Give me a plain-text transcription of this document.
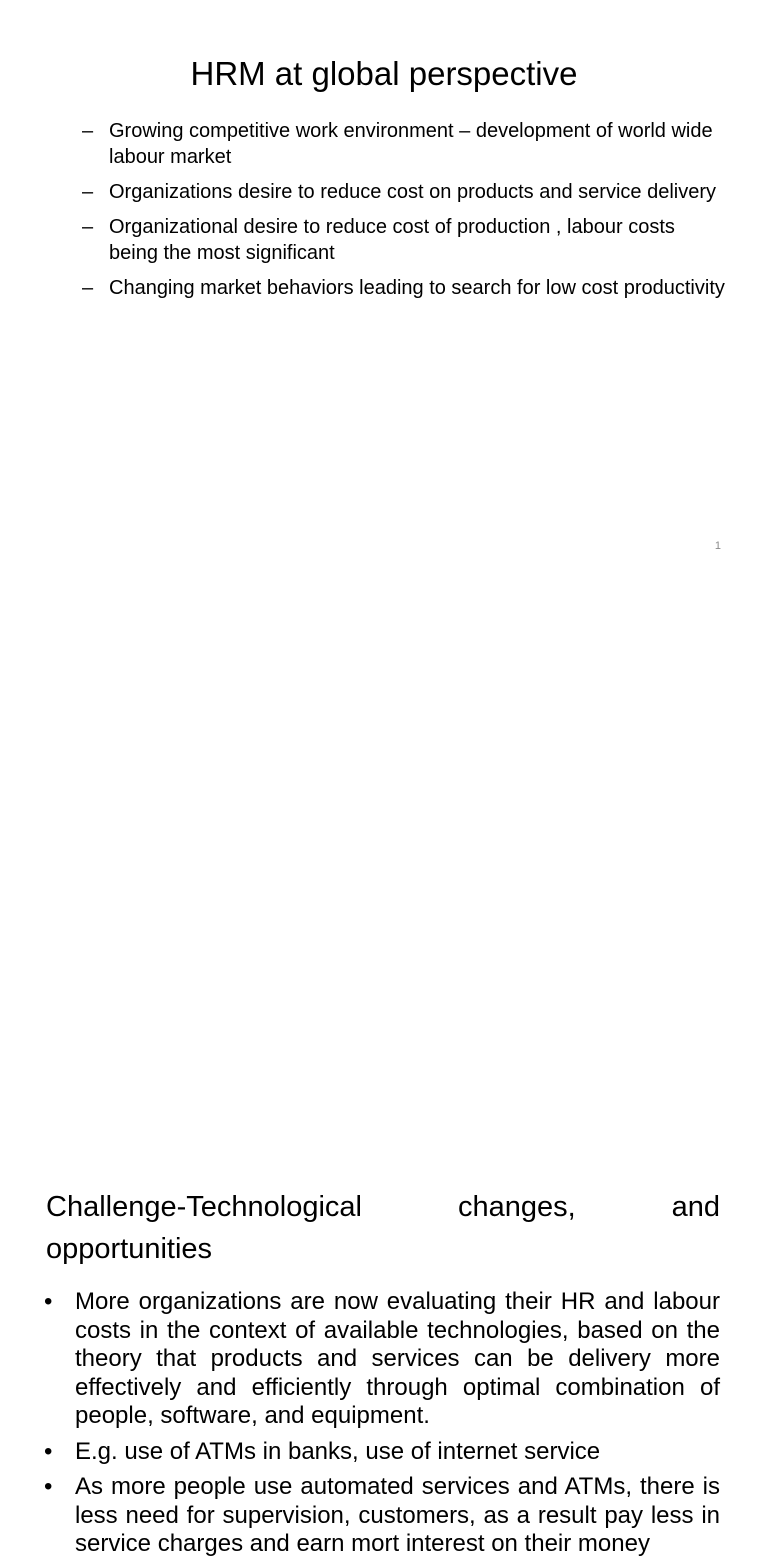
HRM at global perspective
– Growing competitive work environment – development of world wide labour market
– Organizations desire to reduce cost on products and service delivery
– Organizational desire to reduce cost of production , labour costs being the most significant
– Changing market behaviors leading to search for low cost productivity
1
Challenge-Technological	changes,	and
opportunities
• More organizations are now evaluating their HR and labour costs in the context of available technologies, based on the theory that products and services can be delivery more effectively and efficiently through optimal combination of people, software, and equipment.
• E.g. use of ATMs in banks, use of internet service
• As more people use automated services and ATMs, there is less need for supervision, customers, as a result pay less in service charges and earn mort interest on their money
